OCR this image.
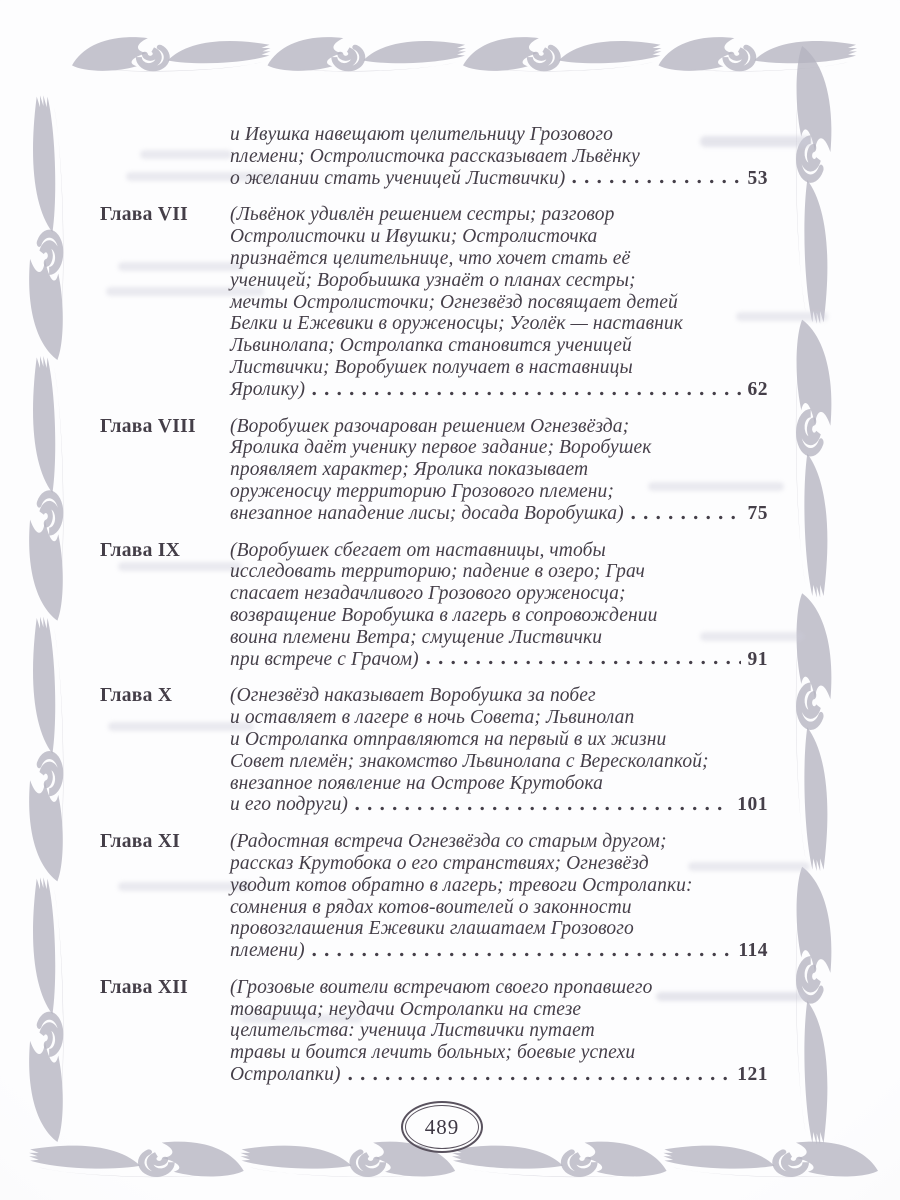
и Ивушка навещают целительницу Грозового
племени; Остролисточка рассказывает Львёнку
о желании стать ученицей Листвички)	53
Глава VII	(Львёнок удивлён решением сестры; разговор
Остролисточки и Ивушки; Остролисточка
признаётся целительнице, что хочет стать её
ученицей; Воробьишка узнаёт о планах сестры;
мечты Остролисточки; Огнезвёзд посвящает детей
Белки и Ежевики в оруженосцы; Уголёк — наставник
Львинолапа; Остролапка становится ученицей
Листвички; Воробушек получает в наставницы
Яролику)	62
Глава VIII	(Воробушек разочарован решением Огнезвёзда;
Яролика даёт ученику первое задание; Воробушек
проявляет характер; Яролика показывает
оруженосцу территорию Грозового племени;
внезапное нападение лисы; досада Воробушка)	75
Глава IX	(Воробушек сбегает от наставницы, чтобы
исследовать территорию; падение в озеро; Грач
спасает незадачливого Грозового оруженосца;
возвращение Воробушка в лагерь в сопровождении
воина племени Ветра; смущение Листвички
при встрече с Грачом)	91
Глава X	(Огнезвёзд наказывает Воробушка за побег
и оставляет в лагере в ночь Совета; Львинолап
и Остролапка отправляются на первый в их жизни
Совет племён; знакомство Львинолапа с Вересколапкой;
внезапное появление на Острове Крутобока
и его подруги)	101
Глава XI	(Радостная встреча Огнезвёзда со старым другом;
рассказ Крутобока о его странствиях; Огнезвёзд
уводит котов обратно в лагерь; тревоги Остролапки:
сомнения в рядах котов-воителей о законности
провозглашения Ежевики глашатаем Грозового
племени)	114
Глава XII	(Грозовые воители встречают своего пропавшего
товарища; неудачи Остролапки на стезе
целительства: ученица Листвички путает
травы и боится лечить больных; боевые успехи
Остролапки)	121
489
